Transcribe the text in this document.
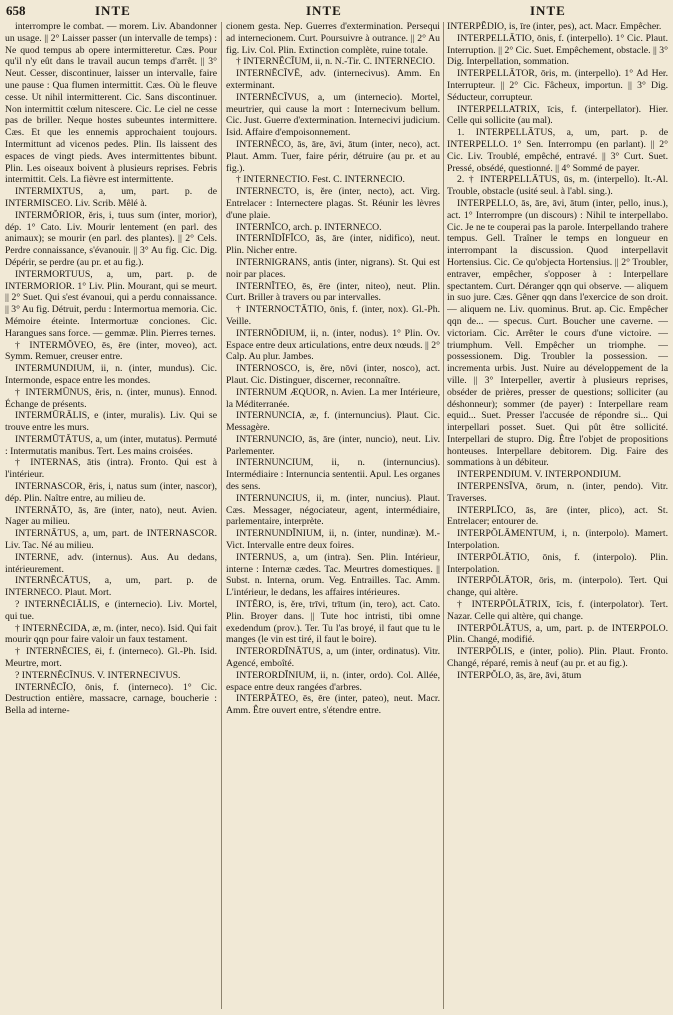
658	INTE	INTE	INTE

interrompre le combat. — morem. Liv. Abandonner un usage. || 2° Laisser passer (un intervalle de temps) : Ne quod tempus ab opere intermitteretur. Cæs. Pour qu'il n'y eût dans le travail aucun temps d'arrêt. || 3° Neut. Cesser, discontinuer, laisser un intervalle, faire une pause : Qua flumen intermittit. Cæs. Où le fleuve cesse. Ut nihil intermitterent. Cic. Sans discontinuer. Non intermittit cœlum nitescere. Cic. Le ciel ne cesse pas de briller. Neque hostes subeuntes intermittere. Cæs. Et que les ennemis approchaient toujours. Intermittunt ad vicenos pedes. Plin. Ils laissent des espaces de vingt pieds. Aves intermittentes bibunt. Plin. Les oiseaux boivent à plusieurs reprises. Febris intermittit. Cels. La fièvre est intermittente.

INTERMIXTUS, a, um, part. p. de INTERMISCEO. Liv. Scrib. Mêlé à.

INTERMŎRIOR, ĕris, i, tuus sum (inter, morior), dép. 1° Cato. Liv. Mourir lentement (en parl. des animaux); se mourir (en parl. des plantes). || 2° Cels. Perdre connaissance, s'évanouir. || 3° Au fig. Cic. Dig. Dépérir, se perdre (au pr. et au fig.).

INTERMORTUUS, a, um, part. p. de INTERMORIOR. 1° Liv. Plin. Mourant, qui se meurt. || 2° Suet. Qui s'est évanoui, qui a perdu connaissance. || 3° Au fig. Détruit, perdu : Intermortua memoria. Cic. Mémoire éteinte. Intermortuæ conciones. Cic. Harangues sans force. — gemmæ. Plin. Pierres ternes.

† INTERMŎVEO, ēs, ēre (inter, moveo), act. Symm. Remuer, creuser entre.

INTERMUNDIUM, ii, n. (inter, mundus). Cic. Intermonde, espace entre les mondes.

† INTERMŪNUS, ĕris, n. (inter, munus). Ennod. Échange de présents.

INTERMŪRĀLIS, e (inter, muralis). Liv. Qui se trouve entre les murs.

INTERMŪTĀTUS, a, um (inter, mutatus). Permuté : Intermutatis manibus. Tert. Les mains croisées.

† INTERNAS, ātis (intra). Fronto. Qui est à l'intérieur.

INTERNASCOR, ĕris, i, natus sum (inter, nascor), dép. Plin. Naître entre, au milieu de.

INTERNĀTO, ās, āre (inter, nato), neut. Avien. Nager au milieu.

INTERNĀTUS, a, um, part. de INTERNASCOR. Liv. Tac. Né au milieu.

INTERNE, adv. (internus). Aus. Au dedans, intérieurement.

INTERNĔCĀTUS, a, um, part. p. de INTERNECO. Plaut. Mort.

? INTERNĔCIĀLIS, e (internecio). Liv. Mortel, qui tue.

† INTERNĔCIDA, æ, m. (inter, neco). Isid. Qui fait mourir qqn pour faire valoir un faux testament.

† INTERNĔCIES, ēi, f. (interneco). Gl.-Ph. Isid. Meurtre, mort.

? INTERNĔCĪNUS. V. INTERNECIVUS.

INTERNĔCĬO, ōnis, f. (interneco). 1° Cic. Destruction entière, massacre, carnage, boucherie : Bella ad interne-

cionem gesta. Nep. Guerres d'extermination. Persequi ad internecionem. Curt. Poursuivre à outrance. || 2° Au fig. Liv. Col. Plin. Extinction complète, ruine totale.

† INTERNĔCĪUM, ii, n. N.-Tir. C. INTERNECIO.

INTERNĔCĪVĒ, adv. (internecivus). Amm. En exterminant.

INTERNĔCĪVUS, a, um (internecio). Mortel, meurtrier, qui cause la mort : Internecivum bellum. Cic. Just. Guerre d'extermination. Internecivi judicium. Isid. Affaire d'empoisonnement.

INTERNĔCO, ās, āre, āvi, ātum (inter, neco), act. Plaut. Amm. Tuer, faire périr, détruire (au pr. et au fig.).

† INTERNECTIO. Fest. C. INTERNECIO.

INTERNECTO, is, ĕre (inter, necto), act. Virg. Entrelacer : Internectere plagas. St. Réunir les lèvres d'une plaie.

INTERNĬCO, arch. p. INTERNECO.

INTERNĪDĬFĬCO, ās, āre (inter, nidifico), neut. Plin. Nicher entre.

INTERNIGRANS, antis (inter, nigrans). St. Qui est noir par places.

INTERNĬTEO, ēs, ēre (inter, niteo), neut. Plin. Curt. Briller à travers ou par intervalles.

† INTERNOCTĀTIO, ōnis, f. (inter, nox). Gl.-Ph. Veille.

INTERNŌDIUM, ii, n. (inter, nodus). 1° Plin. Ov. Espace entre deux articulations, entre deux nœuds. || 2° Calp. Au plur. Jambes.

INTERNOSCO, is, ĕre, nōvi (inter, nosco), act. Plaut. Cic. Distinguer, discerner, reconnaître.

INTERNUM ÆQUOR, n. Avien. La mer Intérieure, la Méditerranée.

INTERNUNCIA, æ, f. (internuncius). Plaut. Cic. Messagère.

INTERNUNCIO, ās, āre (inter, nuncio), neut. Liv. Parlementer.

INTERNUNCIUM, ii, n. (internuncius). Intermédiaire : Internuncia sententii. Apul. Les organes des sens.

INTERNUNCIUS, ii, m. (inter, nuncius). Plaut. Cæs. Messager, négociateur, agent, intermédiaire, parlementaire, interprète.

INTERNUNDĬNIUM, ii, n. (inter, nundinæ). M.-Vict. Intervalle entre deux foires.

INTERNUS, a, um (intra). Sen. Plin. Intérieur, interne : Internæ cædes. Tac. Meurtres domestiques. || Subst. n. Interna, orum. Veg. Entrailles. Tac. Amm. L'intérieur, le dedans, les affaires intérieures.

INTĔRO, is, ĕre, trīvi, trītum (in, tero), act. Cato. Plin. Broyer dans. || Tute hoc intristi, tibi omne exedendum (prov.). Ter. Tu l'as broyé, il faut que tu le manges (le vin est tiré, il faut le boire).

INTERORDĬNĀTUS, a, um (inter, ordinatus). Vitr. Agencé, emboîté.

INTERORDĬNIUM, ii, n. (inter, ordo). Col. Allée, espace entre deux rangées d'arbres.

INTERPĂTEO, ēs, ēre (inter, pateo), neut. Macr. Amm. Être ouvert entre, s'étendre entre.

INTERPĔDIO, is, īre (inter, pes), act. Macr. Empêcher.

INTERPELLĀTIO, ōnis, f. (interpello). 1° Cic. Plaut. Interruption. || 2° Cic. Suet. Empêchement, obstacle. || 3° Dig. Interpellation, sommation.

INTERPELLĀTOR, ōris, m. (interpello). 1° Ad Her. Interrupteur. || 2° Cic. Fâcheux, importun. || 3° Dig. Séducteur, corrupteur.

INTERPELLATRIX, īcis, f. (interpellator). Hier. Celle qui sollicite (au mal).

1. INTERPELLĀTUS, a, um, part. p. de INTERPELLO. 1° Sen. Interrompu (en parlant). || 2° Cic. Liv. Troublé, empêché, entravé. || 3° Curt. Suet. Pressé, obsédé, questionné. || 4° Sommé de payer.

2. † INTERPELLĀTUS, ūs, m. (interpello). It.-Al. Trouble, obstacle (usité seul. à l'abl. sing.).

INTERPELLO, ās, āre, āvi, ātum (inter, pello, inus.), act. 1° Interrompre (un discours) : Nihil te interpellabo. Cic. Je ne te couperai pas la parole. Interpellando trahere tempus. Gell. Traîner le temps en longueur en interrompant la discussion. Quod interpellavit Hortensius. Cic. Ce qu'objecta Hortensius. || 2° Troubler, entraver, empêcher, s'opposer à : Interpellare spectantem. Curt. Déranger qqn qui observe. — aliquem in suo jure. Cæs. Gêner qqn dans l'exercice de son droit. — aliquem ne. Liv. quominus. Brut. ap. Cic. Empêcher qqn de... — specus. Curt. Boucher une caverne. — victoriam. Cic. Arrêter le cours d'une victoire. — triumphum. Vell. Empêcher un triomphe. — possessionem. Dig. Troubler la possession. — incrementa urbis. Just. Nuire au développement de la ville. || 3° Interpeller, avertir à plusieurs reprises, obséder de prières, presser de questions; solliciter (au déshonneur); sommer (de payer) : Interpellare ream equid... Suet. Presser l'accusée de répondre si... Qui interpellari posset. Suet. Qui pût être sollicité. Interpellari de stupro. Dig. Être l'objet de propositions honteuses. Interpellare debitorem. Dig. Faire des sommations à un débiteur.

INTERPENDIUM. V. INTERPONDIUM.

INTERPENSĪVA, ōrum, n. (inter, pendo). Vitr. Traverses.

INTERPLĬCO, ās, āre (inter, plico), act. St. Entrelacer; entourer de.

INTERPŌLĀMENTUM, i, n. (interpolo). Mamert. Interpolation.

INTERPŌLĀTIO, ōnis, f. (interpolo). Plin. Interpolation.

INTERPŌLĀTOR, ōris, m. (interpolo). Tert. Qui change, qui altère.

† INTERPŌLĀTRIX, īcis, f. (interpolator). Tert. Nazar. Celle qui altère, qui change.

INTERPŌLĀTUS, a, um, part. p. de INTERPOLO. Plin. Changé, modifié.

INTERPŎLIS, e (inter, polio). Plin. Plaut. Fronto. Changé, réparé, remis à neuf (au pr. et au fig.).

INTERPŎLO, ās, āre, āvi, ātum
